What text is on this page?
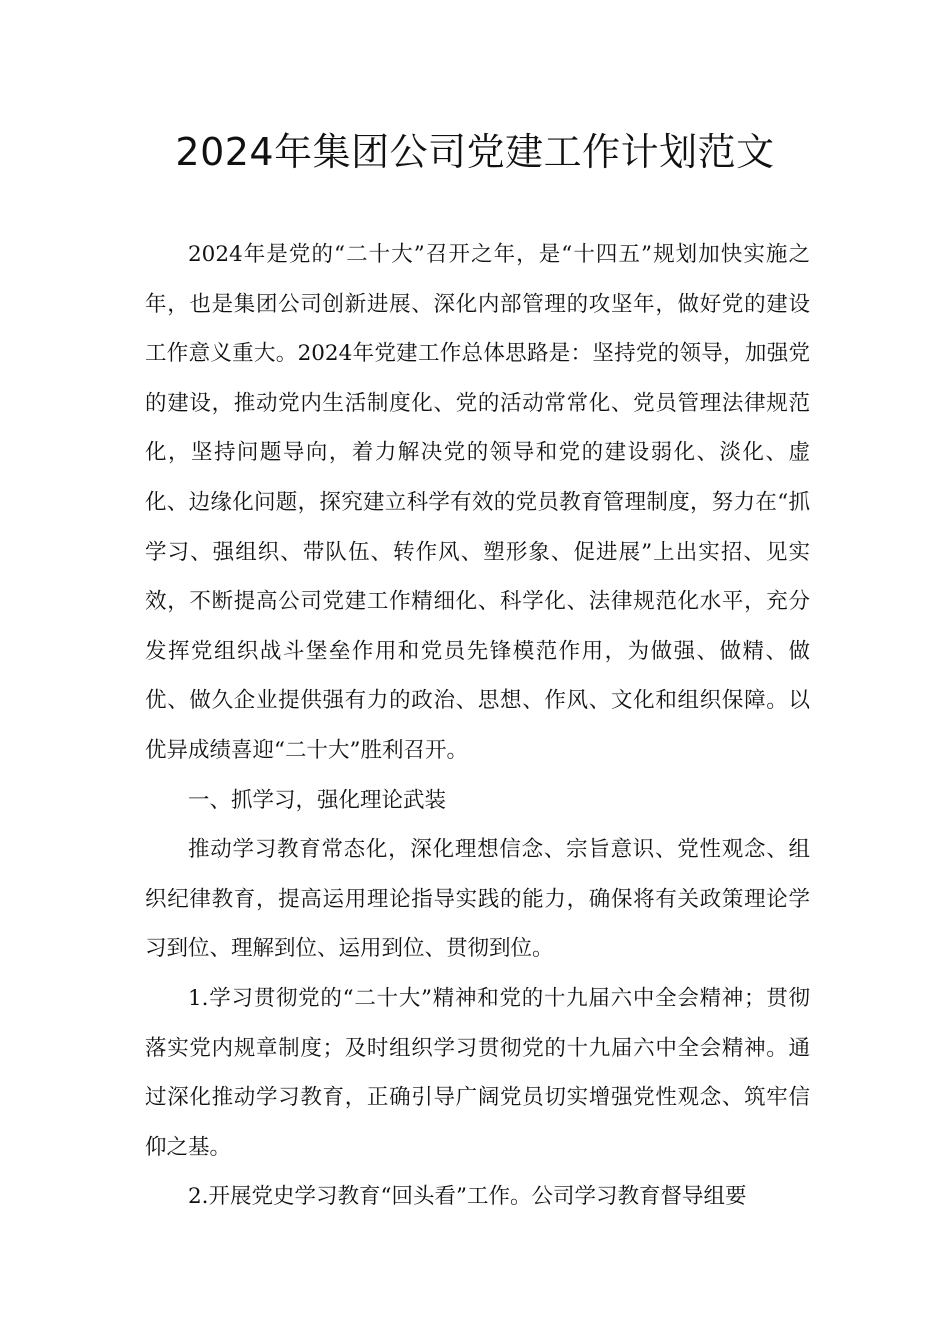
2024年集团公司党建工作计划范文

2024年是党的“二十大”召开之年，是“十四五”规划加快实施之年，也是集团公司创新进展、深化内部管理的攻坚年，做好党的建设工作意义重大。2024年党建工作总体思路是：坚持党的领导，加强党的建设，推动党内生活制度化、党的活动常常化、党员管理法律规范化，坚持问题导向，着力解决党的领导和党的建设弱化、淡化、虚化、边缘化问题，探究建立科学有效的党员教育管理制度，努力在“抓学习、强组织、带队伍、转作风、塑形象、促进展”上出实招、见实效，不断提高公司党建工作精细化、科学化、法律规范化水平，充分发挥党组织战斗堡垒作用和党员先锋模范作用，为做强、做精、做优、做久企业提供强有力的政治、思想、作风、文化和组织保障。以优异成绩喜迎“二十大”胜利召开。

一、抓学习，强化理论武装

推动学习教育常态化，深化理想信念、宗旨意识、党性观念、组织纪律教育，提高运用理论指导实践的能力，确保将有关政策理论学习到位、理解到位、运用到位、贯彻到位。

1.学习贯彻党的“二十大”精神和党的十九届六中全会精神；贯彻落实党内规章制度；及时组织学习贯彻党的十九届六中全会精神。通过深化推动学习教育，正确引导广阔党员切实增强党性观念、筑牢信仰之基。

2.开展党史学习教育“回头看”工作。公司学习教育督导组要
